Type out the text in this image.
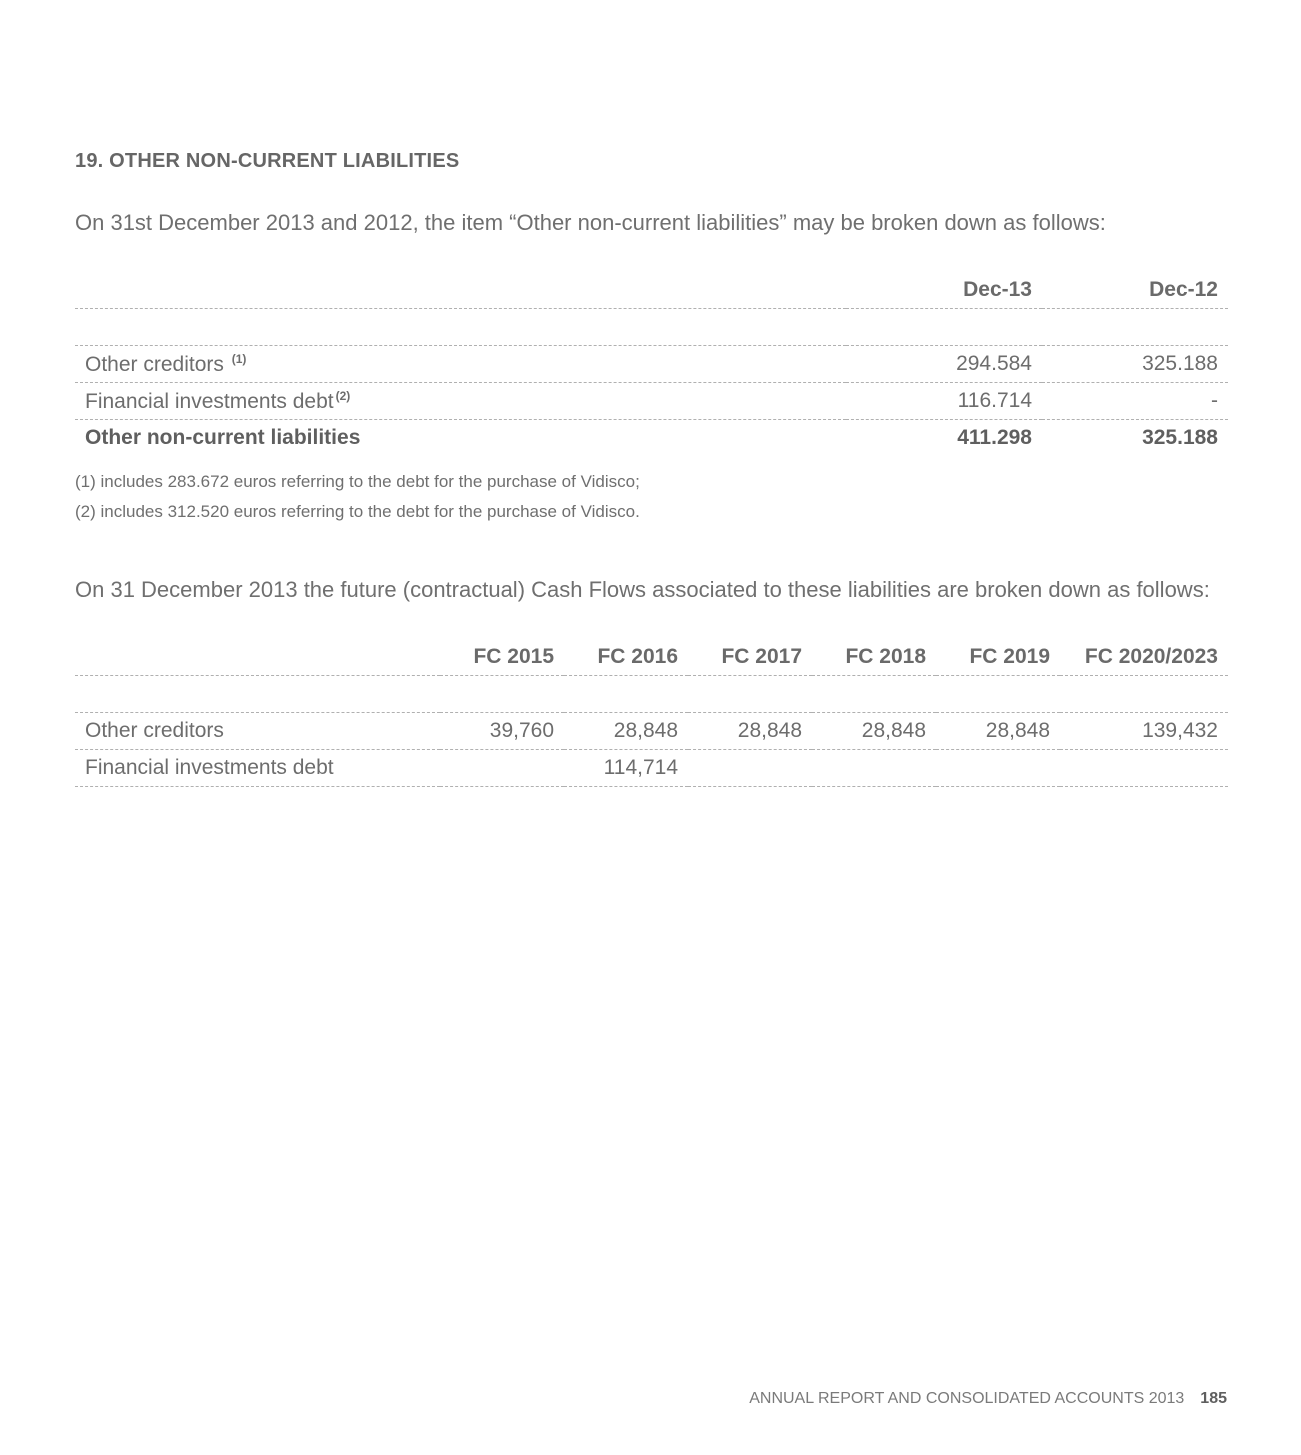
19. OTHER NON-CURRENT LIABILITIES

On 31st December 2013 and 2012, the item “Other non-current liabilities” may be broken down as follows:

	Dec-13	Dec-12

Other creditors $^{(1)}$	294.584	325.188
Financial investments debt $^{(2)}$	116.714	-
Other non-current liabilities	411.298	325.188

(1) includes 283.672 euros referring to the debt for the purchase of Vidisco;

(2) includes 312.520 euros referring to the debt for the purchase of Vidisco.

On 31 December 2013 the future (contractual) Cash Flows associated to these liabilities are broken down as follows:

	FC 2015	FC 2016	FC 2017	FC 2018	FC 2019	FC 2020/2023

Other creditors	39,760	28,848	28,848	28,848	28,848	139,432
Financial investments debt		114,714				
ANNUAL REPORT AND CONSOLIDATED ACCOUNTS 2013 185
